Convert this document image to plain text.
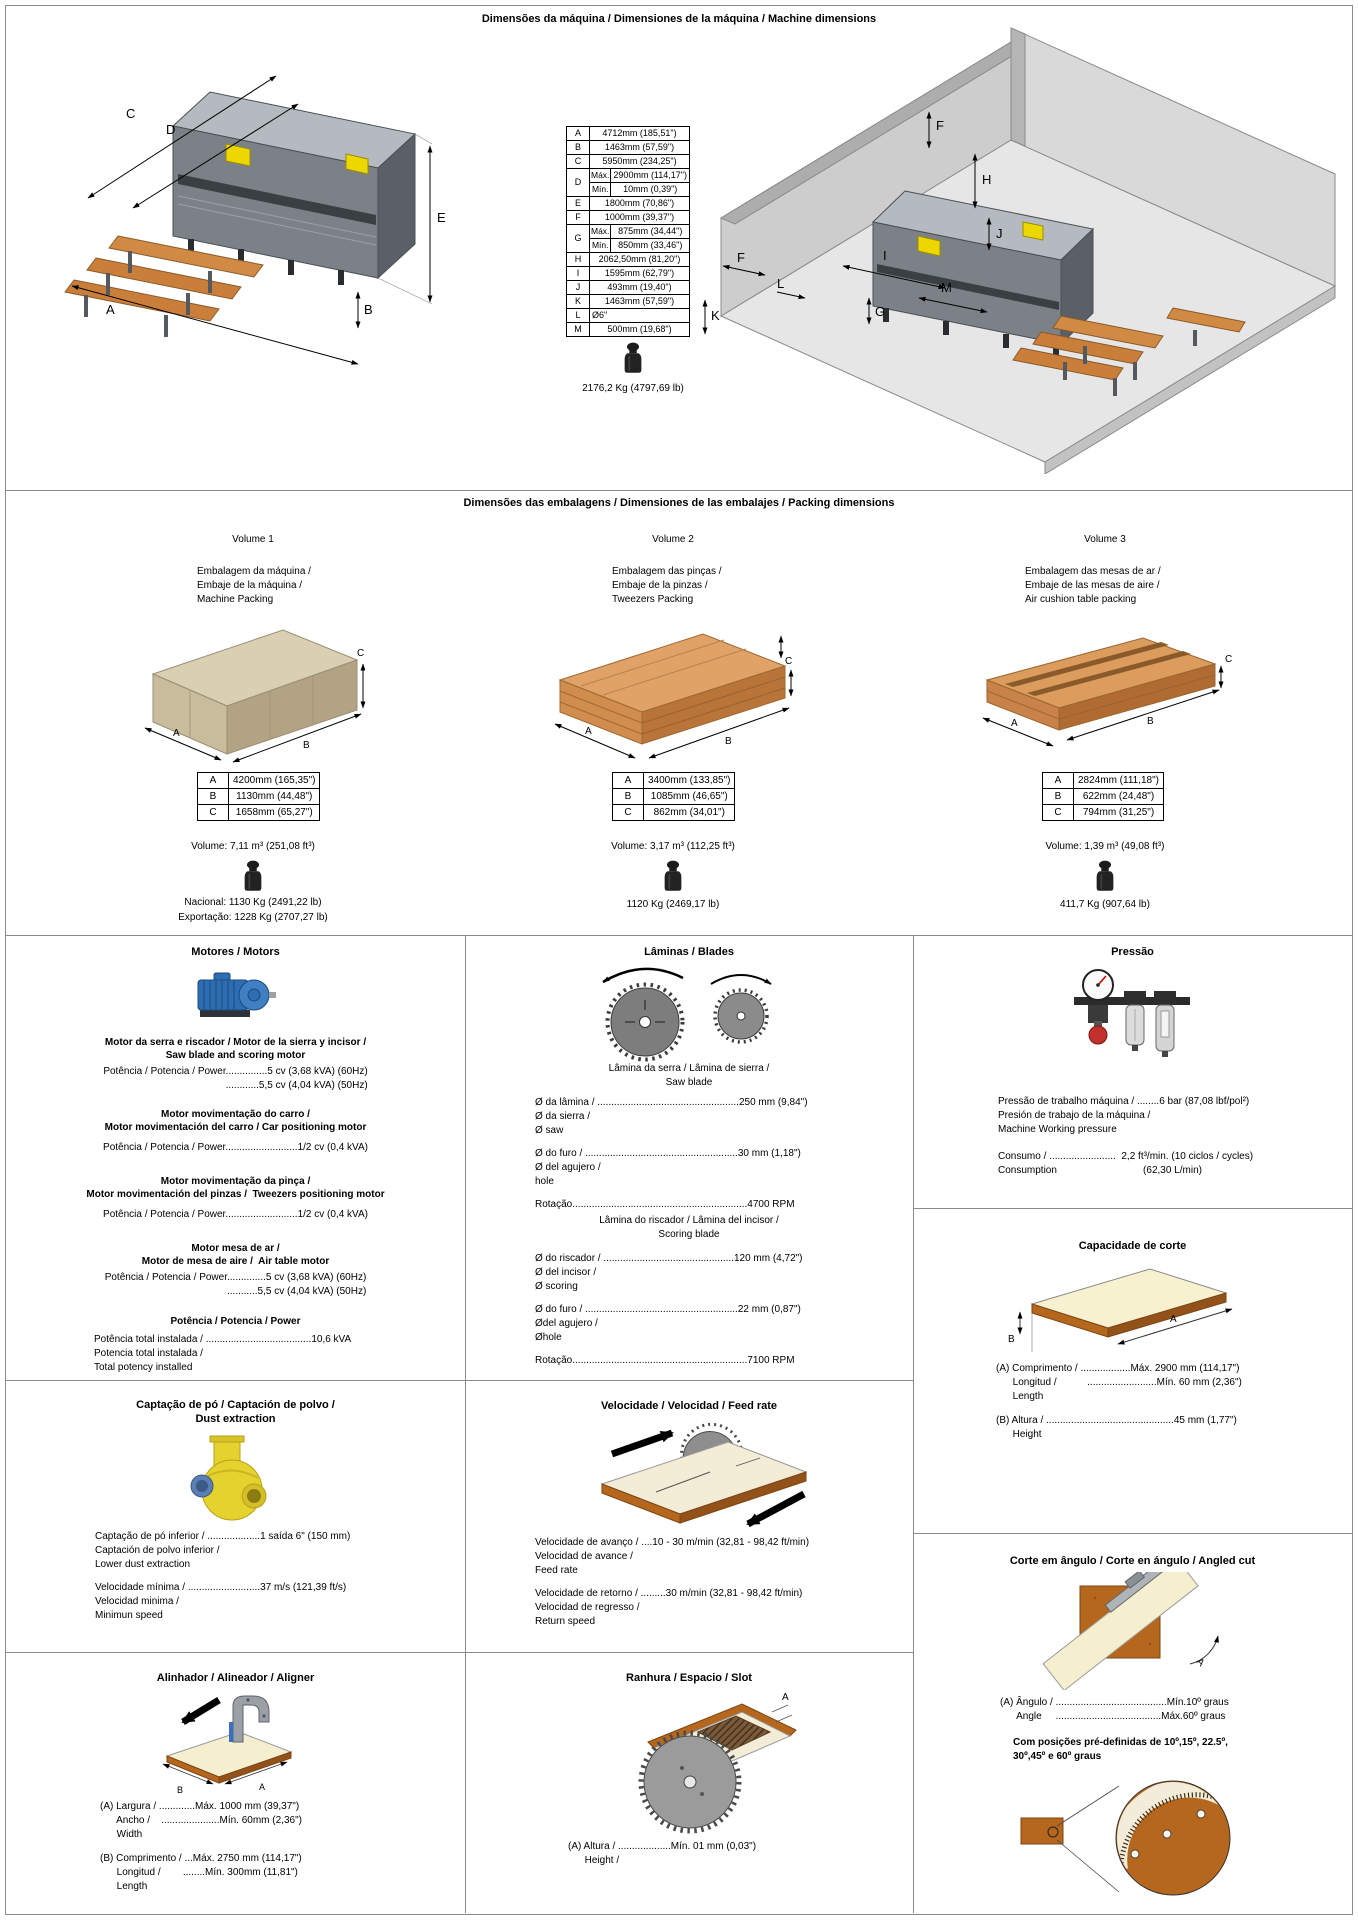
Dimensões da máquina / Dimensiones de la máquina / Machine dimensions
C
D
A
E
B
A	4712mm (185,51")	
B	1463mm (57,59")	
C	5950mm (234,25")	
D	Máx.	2900mm (114,17")
	Mín.	10mm (0,39")
E	1800mm (70,86")	
F	1000mm (39,37")	
G	Máx.	875mm (34,44")
	Mín.	850mm (33,46")
H	2062,50mm (81,20")	
I	1595mm (62,79")	
J	493mm (19,40")	
K	1463mm (57,59")	
L	Ø6"	
M	500mm (19,68")	
2176,2 Kg (4797,69 lb)
F
H
J
I
F
L	M
G
K
Dimensões das embalagens / Dimensiones de las embalajes / Packing dimensions
Volume 1
Embalagem da máquina /
Embaje de la máquina /
Machine Packing
A
B
C
A	4200mm (165,35")
B	1130mm (44,48")
C	1658mm (65,27")
Volume: 7,11 m³ (251,08 ft³)
Nacional: 1130 Kg (2491,22 lb)
Exportação: 1228 Kg (2707,27 lb)
Volume 2
Embalagem das pinças /
Embaje de la pinzas /
Tweezers Packing
A
B
C
A	3400mm (133,85")
B	1085mm (46,65")
C	862mm (34,01")
Volume: 3,17 m³ (112,25 ft³)
1120 Kg (2469,17 lb)
Volume 3
Embalagem das mesas de ar /
Embaje de las mesas de aire /
Air cushion table packing
A	B
C
A	2824mm (111,18")
B	622mm (24,48")
C	794mm (31,25")
Volume: 1,39 m³ (49,08 ft³)
411,7 Kg (907,64 lb)
Motores / Motors
Motor da serra e riscador / Motor de la sierra y incisor /
Saw blade and scoring motor
Potência / Potencia / Power...............5 cv (3,68 kVA) (60Hz)
............5,5 cv (4,04 kVA) (50Hz)
Motor movimentação do carro /
Motor movimentación del carro / Car positioning motor
Potência / Potencia / Power..........................1/2 cv (0,4 kVA)
Motor movimentação da pinça /
Motor movimentación del pinzas /  Tweezers positioning motor
Potência / Potencia / Power..........................1/2 cv (0,4 kVA)
Motor mesa de ar /
Motor de mesa de aire /  Air table motor
Potência / Potencia / Power..............5 cv (3,68 kVA) (60Hz)
...........5,5 cv (4,04 kVA) (50Hz)
Potência / Potencia / Power
Potência total instalada / ......................................10,6 kVA
Potencia total instalada /
Total potency installed
Lâminas / Blades
Lâmina da serra / Lâmina de sierra /
Saw blade
Ø da lâmina / ...................................................250 mm (9,84")
Ø da sierra /
Ø saw
Ø do furo / .......................................................30 mm (1,18")
Ø del agujero /
hole
Rotação...............................................................4700 RPM
Lâmina do riscador / Lâmina del incisor /
Scoring blade
Ø do riscador / ...............................................120 mm (4,72")
Ø del incisor /
Ø scoring
Ø do furo / .......................................................22 mm (0,87")
Ødel agujero /
Øhole
Rotação...............................................................7100 RPM
Pressão
Pressão de trabalho máquina / ........6 bar (87,08 lbf/pol²)
Presión de trabajo de la máquina /
Machine Working pressure
Consumo / ........................  2,2 ft³/min. (10 ciclos / cycles)
Consumption                               (62,30 L/min)
Capacidade de corte
A
B
(A) Comprimento / ..................Máx. 2900 mm (114,17")
Longitud /           .........................Mín. 60 mm (2,36")
Length
(B) Altura / ..............................................45 mm (1,77")
Height
Captação de pó / Captación de polvo /
Dust extraction
Captação de pó inferior / ...................1 saída 6" (150 mm)
Captación de polvo inferior /
Lower dust extraction
Velocidade mínima / ..........................37 m/s (121,39 ft/s)
Velocidad minima /
Minimun speed
Velocidade / Velocidad / Feed rate
Velocidade de avanço / ....10 - 30 m/min (32,81 - 98,42 ft/min)
Velocidad de avance /
Feed rate
Velocidade de retorno / .........30 m/min (32,81 - 98,42 ft/min)
Velocidad de regresso /
Return speed
Corte em ângulo / Corte en ángulo / Angled cut
A
(A) Ângulo / ........................................Mín.10º graus
Angle     ......................................Máx.60º graus
Com posições pré-definidas de 10º,15º, 22.5º,
30º,45º e 60º graus
Alinhador / Alineador / Aligner
B	A
(A) Largura / .............Máx. 1000 mm (39,37")
Ancho /    .....................Mín. 60mm (2,36")
Width
(B) Comprimento / ...Máx. 2750 mm (114,17")
Longitud /        ........Mín. 300mm (11,81")
Length
Ranhura / Espacio / Slot
A
(A) Altura / ...................Mín. 01 mm (0,03")
Height /
